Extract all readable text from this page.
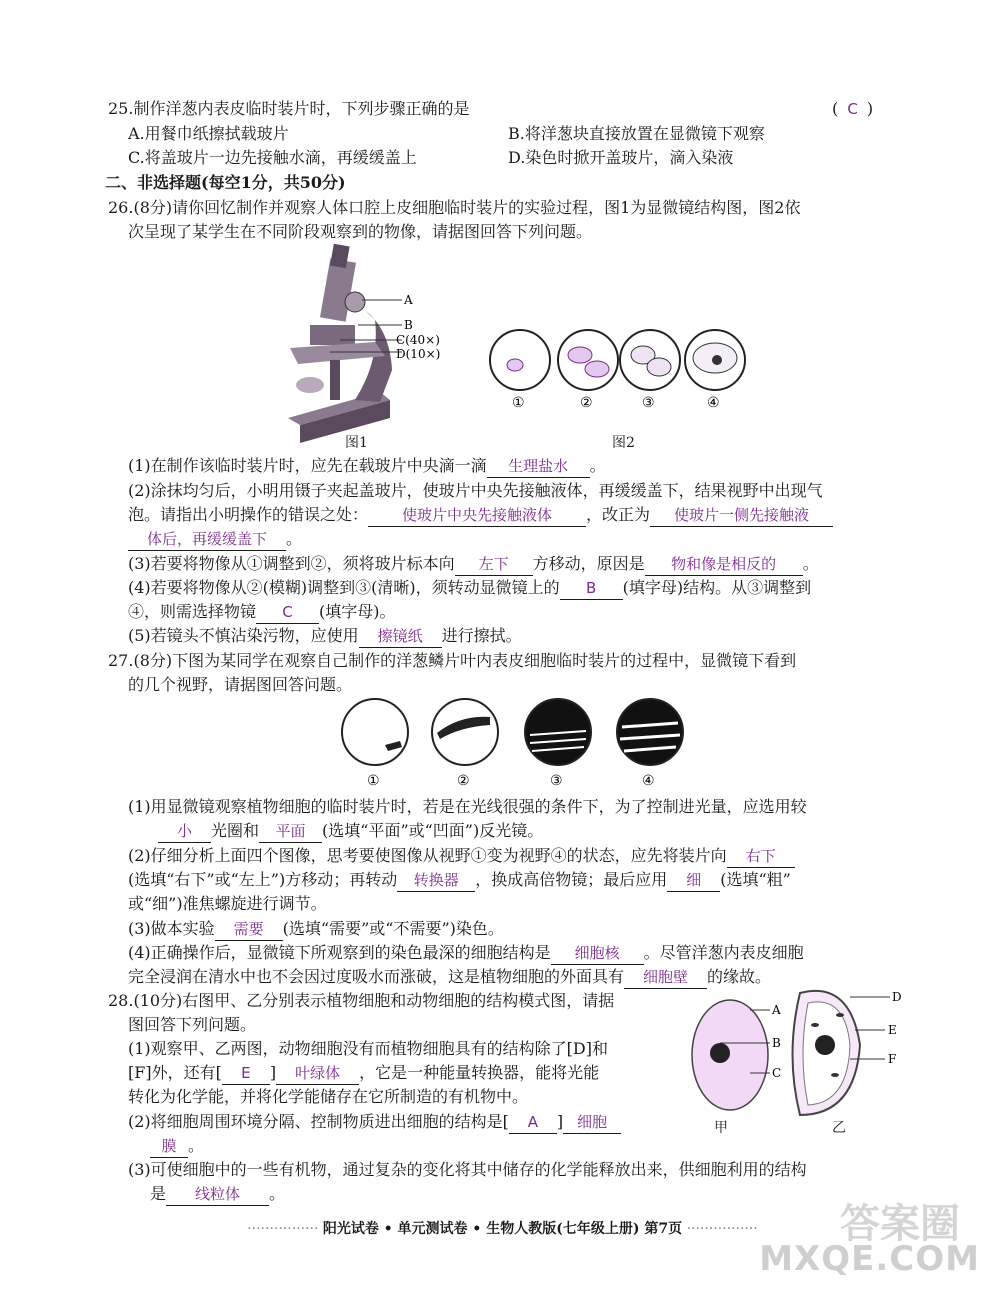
25.制作洋葱内表皮临时装片时，下列步骤正确的是	( C )
A.用餐巾纸擦拭载玻片	B.将洋葱块直接放置在显微镜下观察
C.将盖玻片一边先接触水滴，再缓缓盖上	D.染色时掀开盖玻片，滴入染液
二、非选择题(每空1分，共50分)
26.(8分)请你回忆制作并观察人体口腔上皮细胞临时装片的实验过程，图1为显微镜结构图，图2依
次呈现了某学生在不同阶段观察到的物像，请据图回答下列问题。
A
B
C(40×)
D(10×)
图1
①	②	③	④
图2
(1)在制作该临时装片时，应先在载玻片中央滴一滴 生理盐水 。
(2)涂抹均匀后，小明用镊子夹起盖玻片，使玻片中央先接触液体，再缓缓盖下，结果视野中出现气
泡。请指出小明操作的错误之处： 使玻片中央先接触液体 ，改正为 使玻片一侧先接触液
体后，再缓缓盖下 。
(3)若要将物像从①调整到②，须将玻片标本向 左下 方移动，原因是 物和像是相反的 。
(4)若要将物像从②(模糊)调整到③(清晰)，须转动显微镜上的 B (填字母)结构。从③调整到
④，则需选择物镜 C (填字母)。
(5)若镜头不慎沾染污物，应使用 擦镜纸 进行擦拭。
27.(8分)下图为某同学在观察自己制作的洋葱鳞片叶内表皮细胞临时装片的过程中，显微镜下看到
的几个视野，请据图回答问题。
①	②	③	④
(1)用显微镜观察植物细胞的临时装片时，若是在光线很强的条件下，为了控制进光量，应选用较
小 光圈和 平面 (选填“平面”或“凹面”)反光镜。
(2)仔细分析上面四个图像，思考要使图像从视野①变为视野④的状态，应先将装片向 右下
(选填“右下”或“左上”)方移动；再转动 转换器 ，换成高倍物镜；最后应用 细 (选填“粗”
或“细”)准焦螺旋进行调节。
(3)做本实验 需要 (选填“需要”或“不需要”)染色。
(4)正确操作后，显微镜下所观察到的染色最深的细胞结构是 细胞核 。尽管洋葱内表皮细胞
完全浸润在清水中也不会因过度吸水而涨破，这是植物细胞的外面具有 细胞壁 的缘故。
28.(10分)右图甲、乙分别表示植物细胞和动物细胞的结构模式图，请据
图回答下列问题。
(1)观察甲、乙两图，动物细胞没有而植物细胞具有的结构除了[D]和
[F]外，还有[ E ] 叶绿体 ，它是一种能量转换器，能将光能
转化为化学能，并将化学能储存在它所制造的有机物中。
(2)将细胞周围环境分隔、控制物质进出细胞的结构是[ A ] 细胞
膜 。
(3)可使细胞中的一些有机物，通过复杂的变化将其中储存的化学能释放出来，供细胞利用的结构
是 线粒体 。
A
B
C
D
E
F
甲	乙
················ 阳光试卷 • 单元测试卷 • 生物人教版(七年级上册) 第7页 ················	答案圈
MXQE.COM
